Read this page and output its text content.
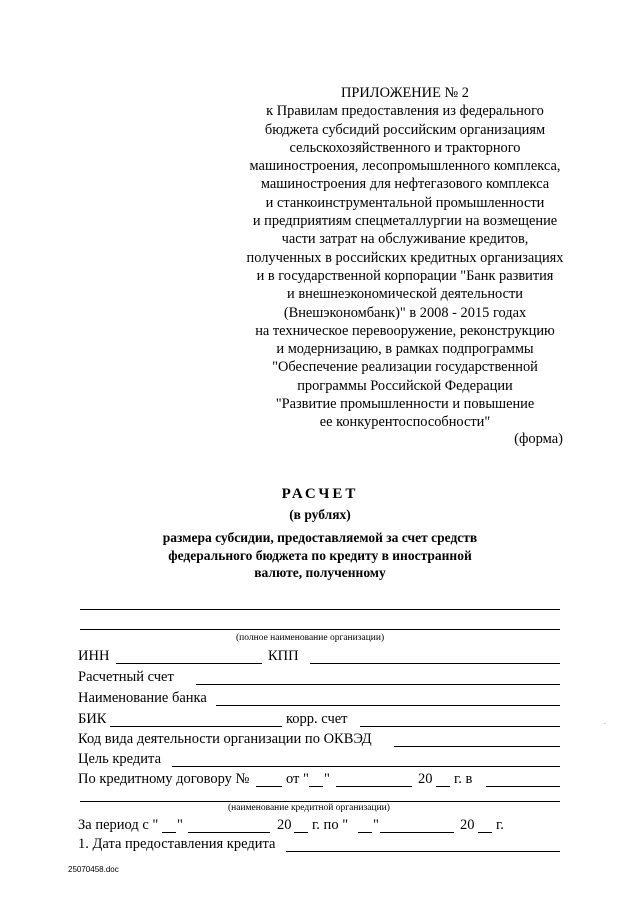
ПРИЛОЖЕНИЕ № 2
к Правилам предоставления из федерального
бюджета субсидий российским организациям
сельскохозяйственного и тракторного
машиностроения, лесопромышленного комплекса,
машиностроения для нефтегазового комплекса
и станкоинструментальной промышленности
и предприятиям спецметаллургии на возмещение
части затрат на обслуживание кредитов,
полученных в российских кредитных организациях
и в государственной корпорации "Банк развития
и внешнеэкономической деятельности
(Внешэкономбанк)" в 2008 - 2015 годах
на техническое перевооружение, реконструкцию
и модернизацию, в рамках подпрограммы
"Обеспечение реализации государственной
программы Российской Федерации
"Развитие промышленности и повышение
ее конкурентоспособности"
(форма)
РАСЧЕТ
(в рублях)
размера субсидии, предоставляемой за счет средств
федерального бюджета по кредиту в иностранной
валюте, полученному
(полное наименование организации)
ИНН	КПП
Расчетный счет
Наименование банка
БИК	корр. счет
Код вида деятельности организации по ОКВЭД
Цель кредита
По кредитному договору №	от " "	20 г. в
(наименование кредитной организации)
За период с " "	20 г. по " "	20 г.
1. Дата предоставления кредита
25070458.doc
.
